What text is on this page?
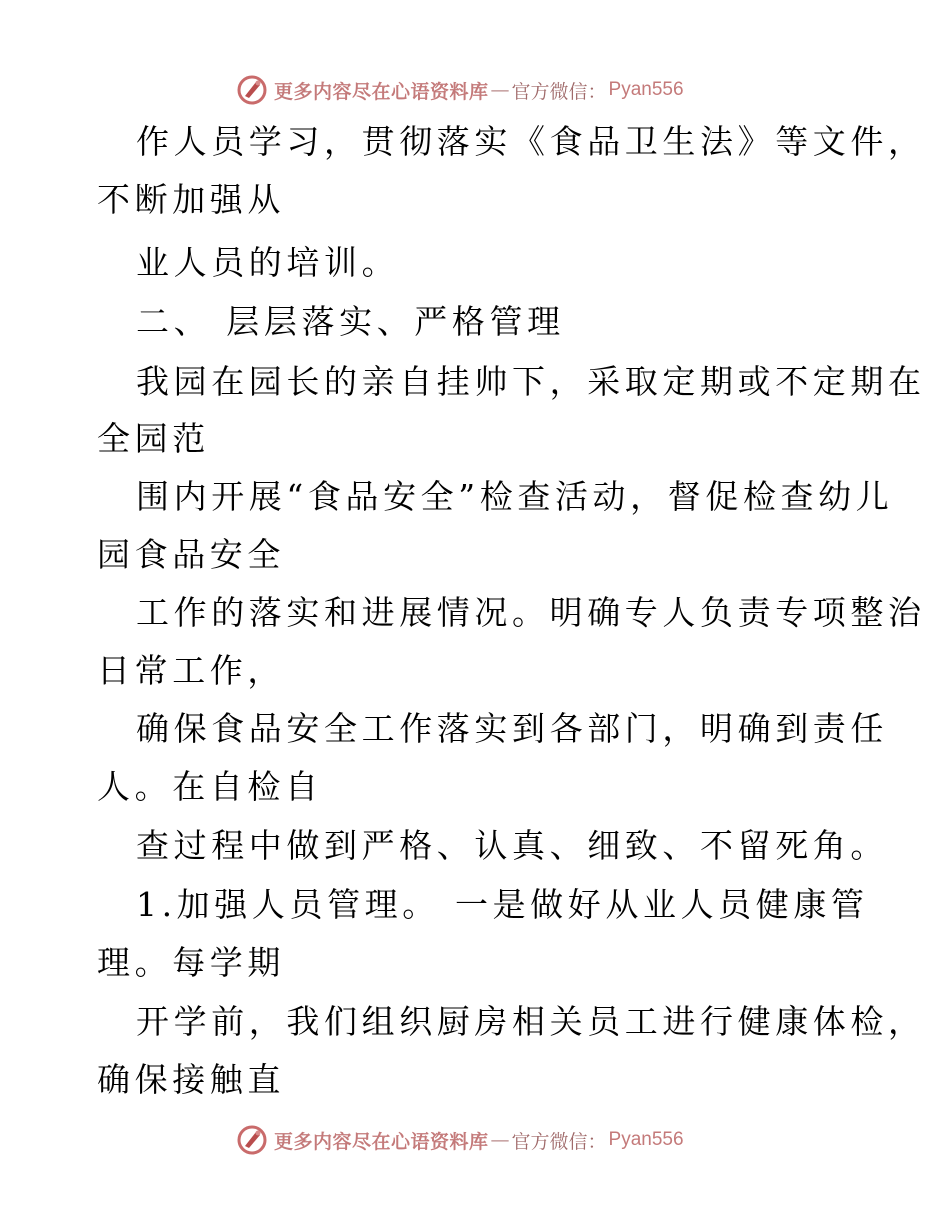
更多内容尽在心语资料库 — 官方微信： Pyan556
作人员学习，贯彻落实《食品卫生法》等文件，
不断加强从
业人员的培训。
二、 层层落实、严格管理
我园在园长的亲自挂帅下，采取定期或不定期在
全园范
围内开展“食品安全”检查活动，督促检查幼儿
园食品安全
工作的落实和进展情况。明确专人负责专项整治
日常工作，
确保食品安全工作落实到各部门，明确到责任
人。在自检自
查过程中做到严格、认真、细致、不留死角。
1.加强人员管理。 一是做好从业人员健康管
理。每学期
开学前，我们组织厨房相关员工进行健康体检，
确保接触直
更多内容尽在心语资料库 — 官方微信： Pyan556
